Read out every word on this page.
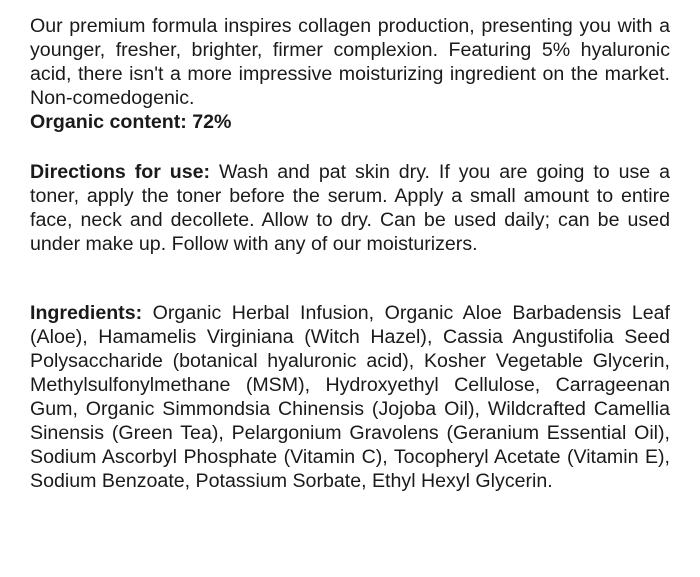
Our premium formula inspires collagen production, presenting you with a younger, fresher, brighter, firmer complexion. Featuring 5% hyaluronic acid, there isn't a more impressive moisturizing ingredient on the market. Non-comedogenic.
Organic content: 72%

Directions for use: Wash and pat skin dry. If you are going to use a toner, apply the toner before the serum. Apply a small amount to entire face, neck and decollete. Allow to dry. Can be used daily; can be used under make up. Follow with any of our moisturizers.

Ingredients: Organic Herbal Infusion, Organic Aloe Barbadensis Leaf (Aloe), Hamamelis Virginiana (Witch Hazel), Cassia Angustifolia Seed Polysaccharide (botanical hyaluronic acid), Kosher Vegetable Glycerin, Methylsulfonylmethane (MSM), Hydroxyethyl Cellulose, Carrageenan Gum, Organic Simmondsia Chinensis (Jojoba Oil), Wildcrafted Camellia Sinensis (Green Tea), Pelargonium Gravolens (Geranium Essential Oil), Sodium Ascorbyl Phosphate (Vitamin C), Tocopheryl Acetate (Vitamin E), Sodium Benzoate, Potassium Sorbate, Ethyl Hexyl Glycerin.
